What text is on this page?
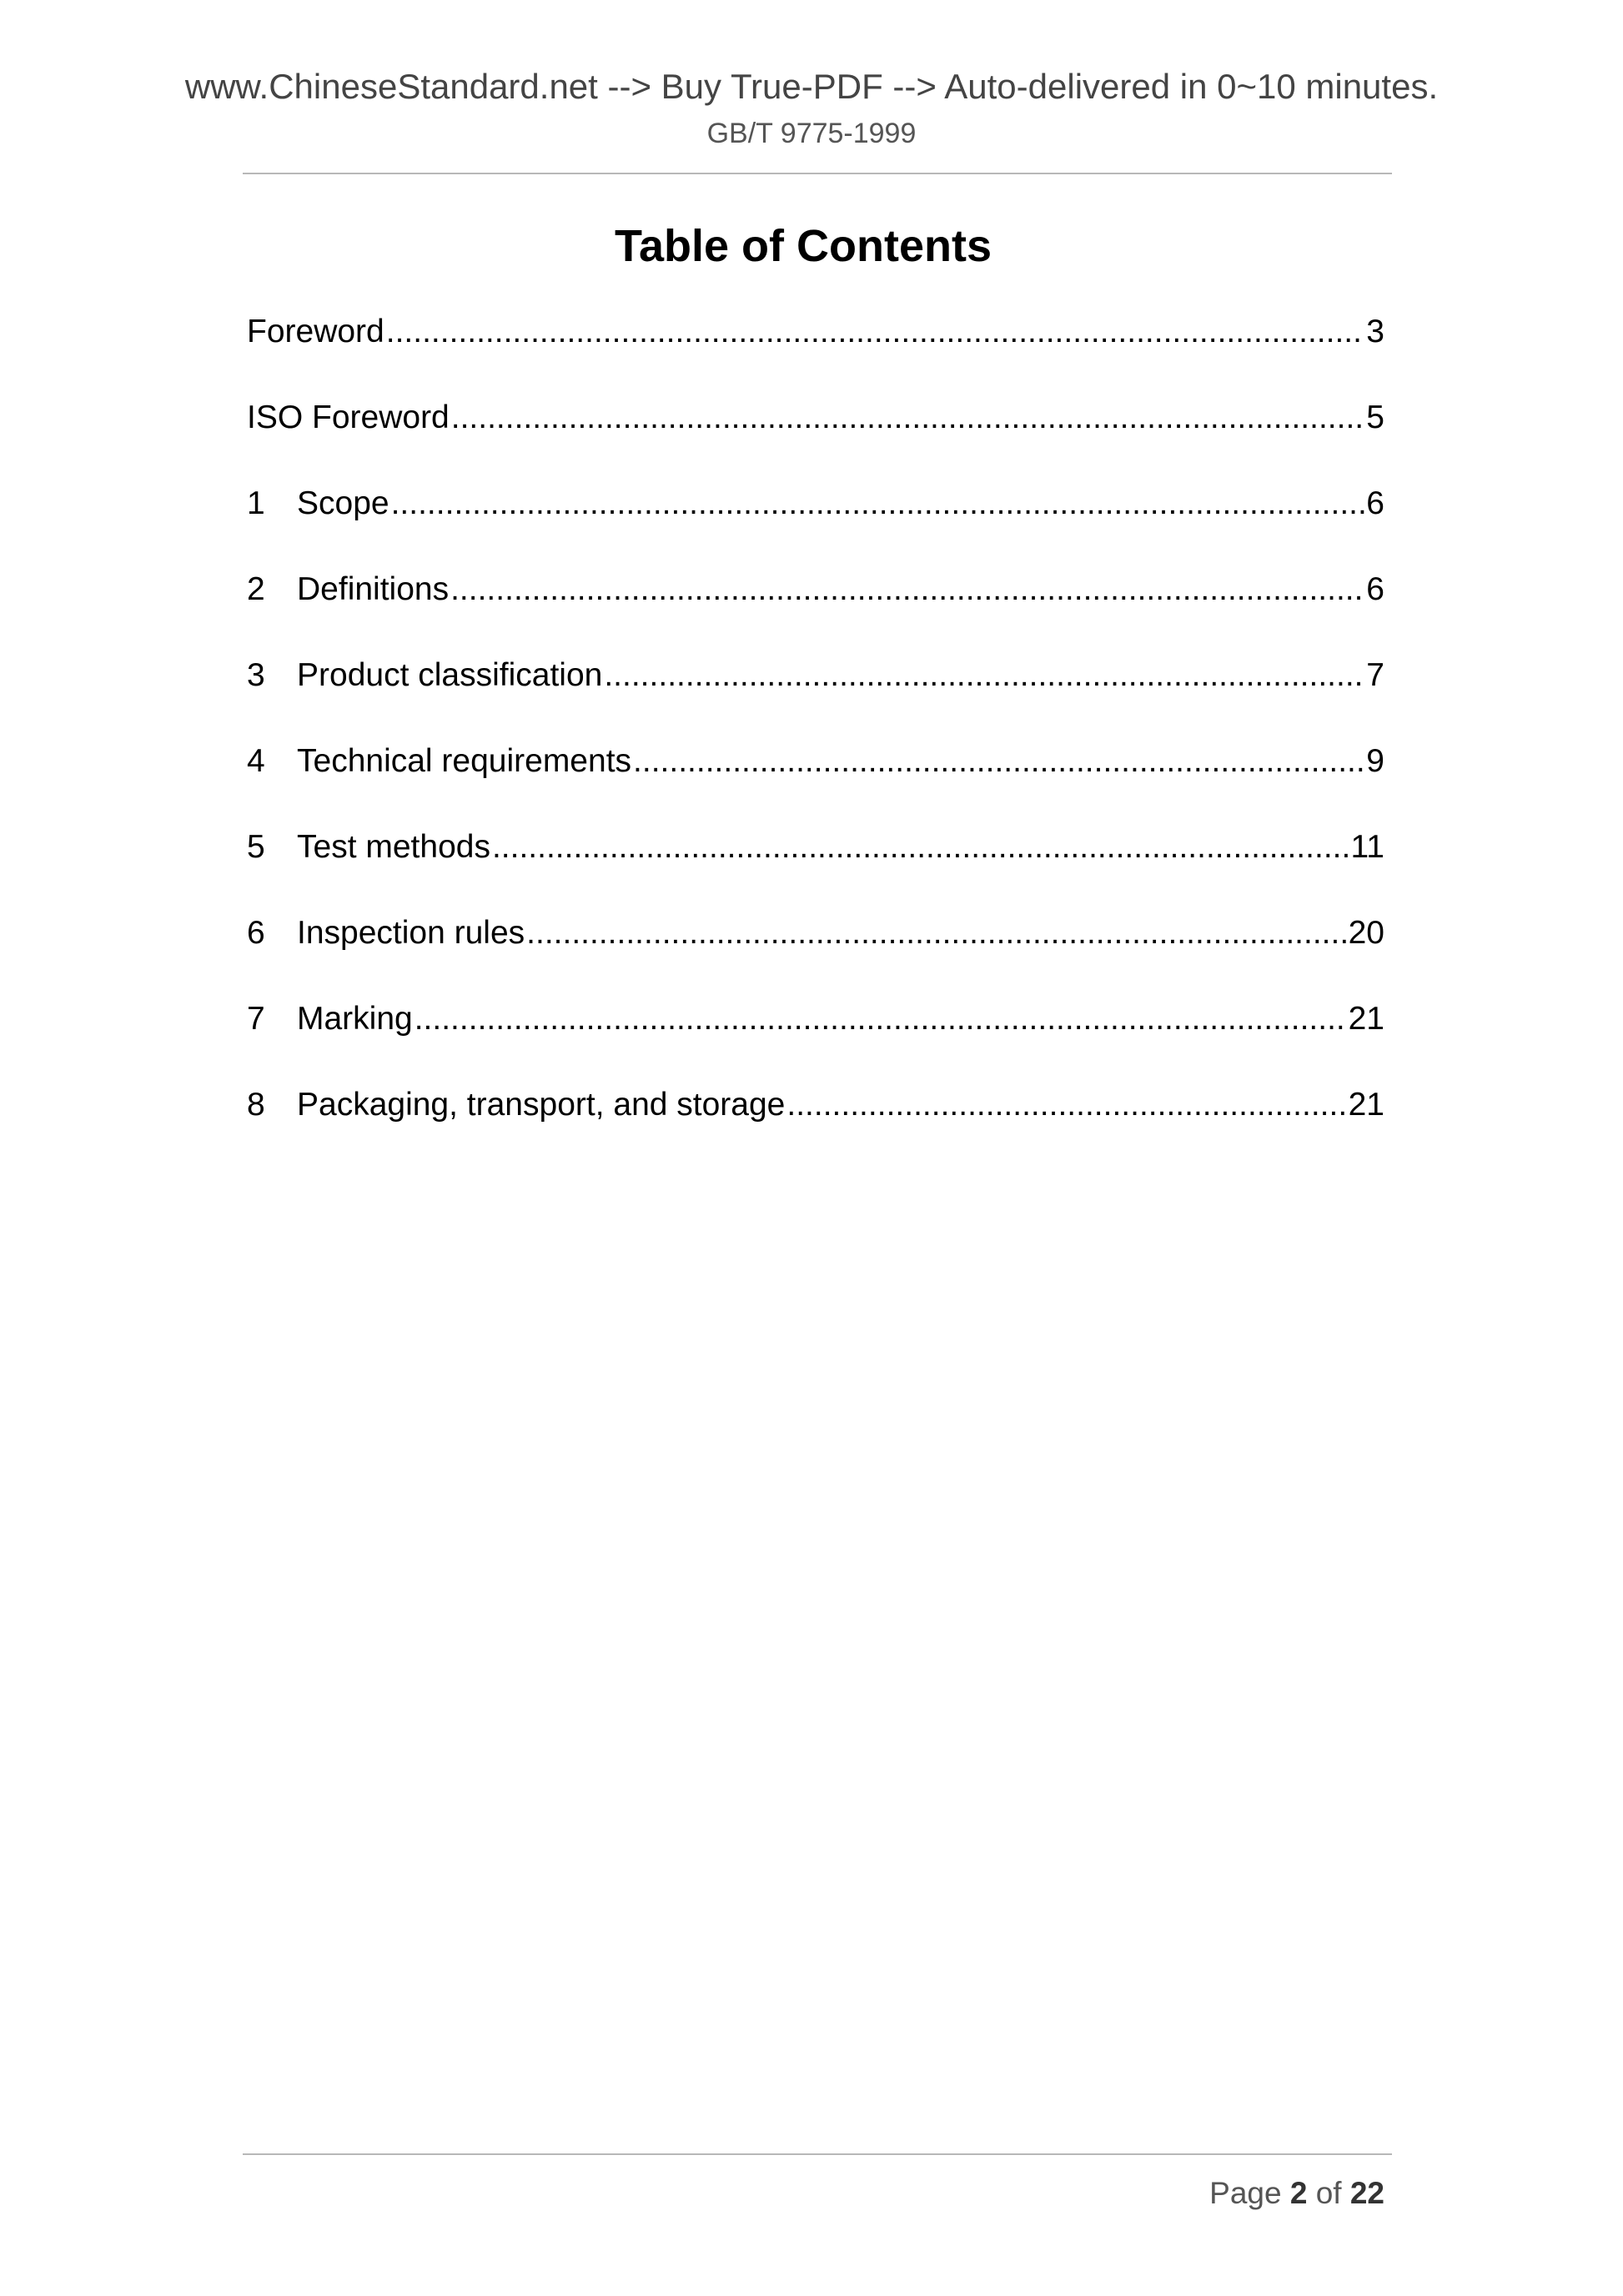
www.ChineseStandard.net --> Buy True-PDF --> Auto-delivered in 0~10 minutes.
GB/T 9775-1999
Table of Contents
Foreword .....	3
ISO Foreword .....	5
1 Scope .....	6
2 Definitions .....	6
3 Product classification .....	7
4 Technical requirements .....	9
5 Test methods .....	11
6 Inspection rules .....	20
7 Marking .....	21
8 Packaging, transport, and storage .....	21
Page 2 of 22
